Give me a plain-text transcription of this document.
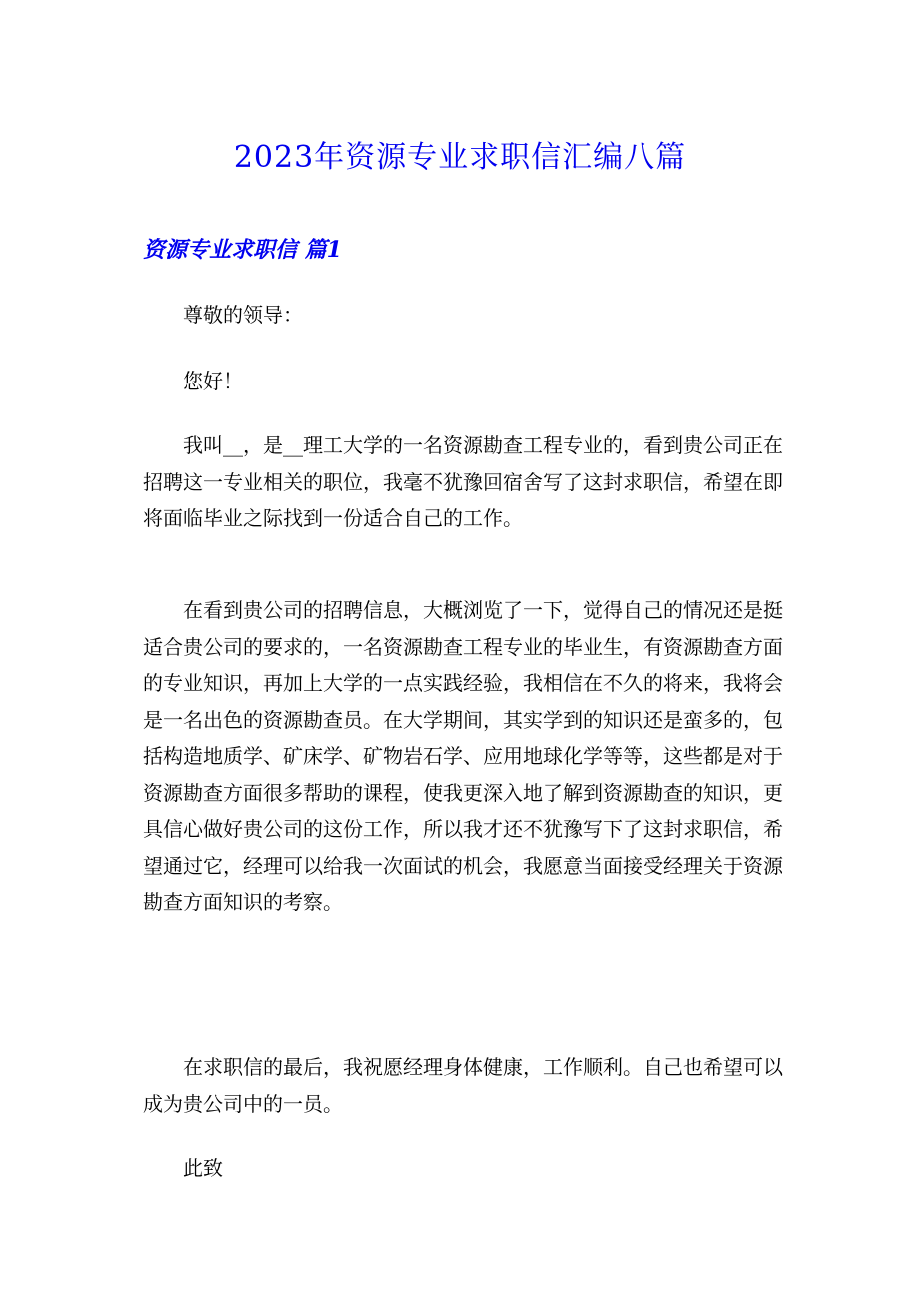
2023年资源专业求职信汇编八篇
资源专业求职信 篇1

尊敬的领导：

您好！

我叫__，是__理工大学的一名资源勘查工程专业的，看到贵公司正在招聘这一专业相关的职位，我毫不犹豫回宿舍写了这封求职信，希望在即将面临毕业之际找到一份适合自己的工作。

在看到贵公司的招聘信息，大概浏览了一下，觉得自己的情况还是挺适合贵公司的要求的，一名资源勘查工程专业的毕业生，有资源勘查方面的专业知识，再加上大学的一点实践经验，我相信在不久的将来，我将会是一名出色的资源勘查员。在大学期间，其实学到的知识还是蛮多的，包括构造地质学、矿床学、矿物岩石学、应用地球化学等等，这些都是对于资源勘查方面很多帮助的课程，使我更深入地了解到资源勘查的知识，更具信心做好贵公司的这份工作，所以我才还不犹豫写下了这封求职信，希望通过它，经理可以给我一次面试的机会，我愿意当面接受经理关于资源勘查方面知识的考察。

在求职信的最后，我祝愿经理身体健康，工作顺利。自己也希望可以成为贵公司中的一员。

此致
